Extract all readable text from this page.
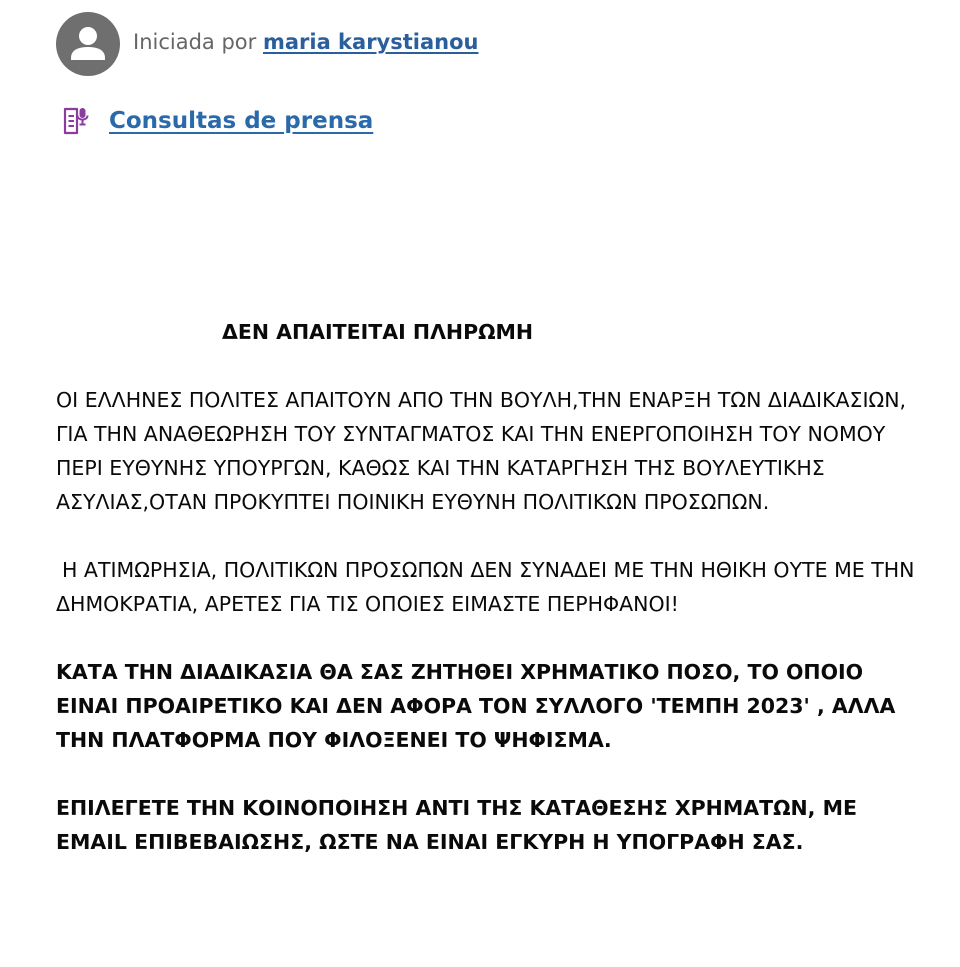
Iniciada por maria karystianou
Consultas de prensa

ΔΕΝ ΑΠΑΙΤΕΙΤΑΙ ΠΛΗΡΩΜΗ

ΟΙ ΕΛΛΗΝΕΣ ΠΟΛΙΤΕΣ ΑΠΑΙΤΟΥΝ ΑΠΟ ΤΗΝ ΒΟΥΛΗ,ΤΗΝ ΕΝΑΡΞΗ ΤΩΝ ΔΙΑΔΙΚΑΣΙΩΝ, ΓΙΑ ΤΗΝ ΑΝΑΘΕΩΡΗΣΗ ΤΟΥ ΣΥΝΤΑΓΜΑΤΟΣ ΚΑΙ ΤΗΝ ΕΝΕΡΓΟΠΟΙΗΣΗ ΤΟΥ ΝΟΜΟΥ ΠΕΡΙ ΕΥΘΥΝΗΣ ΥΠΟΥΡΓΩΝ, ΚΑΘΩΣ ΚΑΙ ΤΗΝ ΚΑΤΑΡΓΗΣΗ ΤΗΣ ΒΟΥΛΕΥΤΙΚΗΣ ΑΣΥΛΙΑΣ,ΟΤΑΝ ΠΡΟΚΥΠΤΕΙ ΠΟΙΝΙΚΗ ΕΥΘΥΝΗ ΠΟΛΙΤΙΚΩΝ ΠΡΟΣΩΠΩΝ.

Η ΑΤΙΜΩΡΗΣΙΑ, ΠΟΛΙΤΙΚΩΝ ΠΡΟΣΩΠΩΝ ΔΕΝ ΣΥΝΑΔΕΙ ΜΕ ΤΗΝ ΗΘΙΚΗ ΟΥΤΕ ΜΕ ΤΗΝ ΔΗΜΟΚΡΑΤΙΑ, ΑΡΕΤΕΣ ΓΙΑ ΤΙΣ ΟΠΟΙΕΣ ΕΙΜΑΣΤΕ ΠΕΡΗΦΑΝΟΙ!

ΚΑΤΑ ΤΗΝ ΔΙΑΔΙΚΑΣΙΑ ΘΑ ΣΑΣ ΖΗΤΗΘΕΙ ΧΡΗΜΑΤΙΚΟ ΠΟΣΟ, ΤΟ ΟΠΟΙΟ ΕΙΝΑΙ ΠΡΟΑΙΡΕΤΙΚΟ ΚΑΙ ΔΕΝ ΑΦΟΡΑ ΤΟΝ ΣΥΛΛΟΓΟ 'ΤΕΜΠΗ 2023' , ΑΛΛΑ ΤΗΝ ΠΛΑΤΦΟΡΜΑ ΠΟΥ ΦΙΛΟΞΕΝΕΙ ΤΟ ΨΗΦΙΣΜΑ.

ΕΠΙΛΕΓΕΤΕ ΤΗΝ ΚΟΙΝΟΠΟΙΗΣΗ ΑΝΤΙ ΤΗΣ ΚΑΤΑΘΕΣΗΣ ΧΡΗΜΑΤΩΝ, ΜΕ EMAIL ΕΠΙΒΕΒΑΙΩΣΗΣ, ΩΣΤΕ ΝΑ ΕΙΝΑΙ ΕΓΚΥΡΗ Η ΥΠΟΓΡΑΦΗ ΣΑΣ.
